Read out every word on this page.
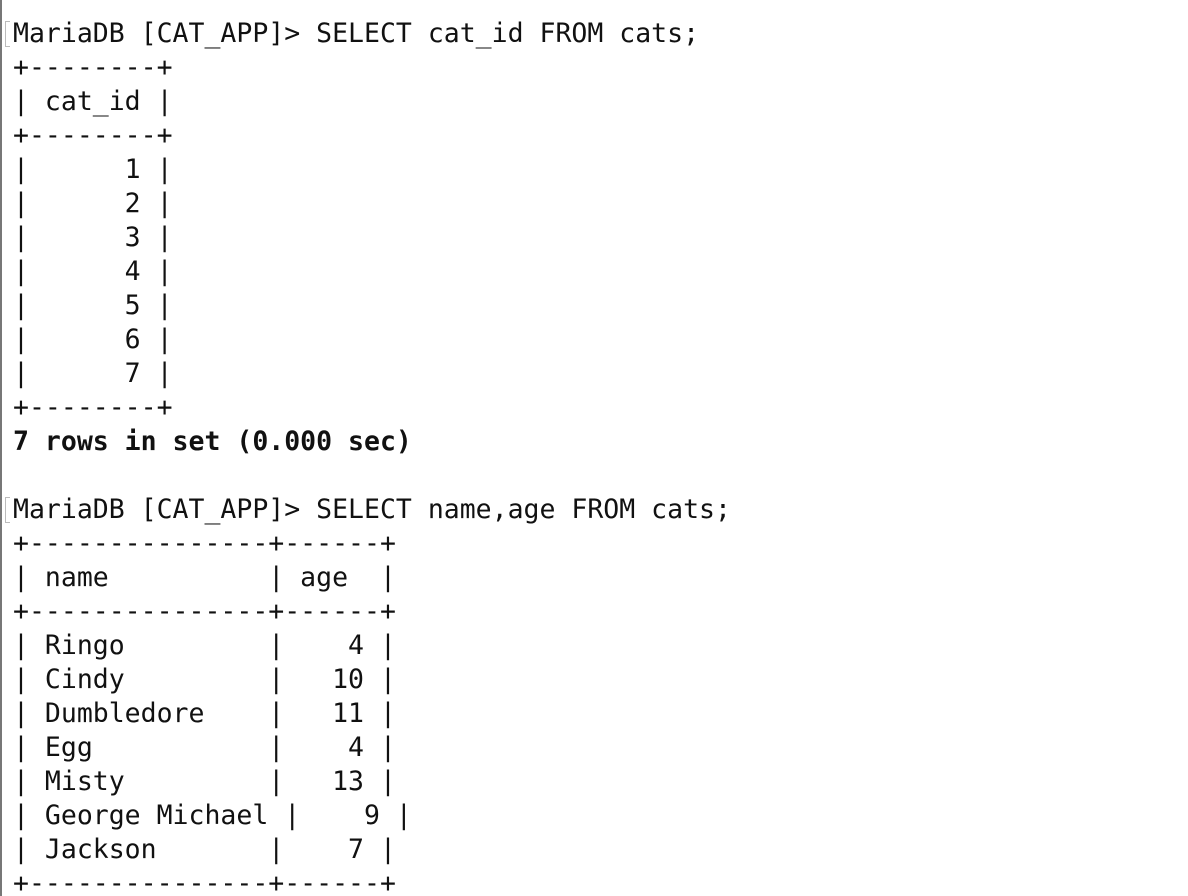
MariaDB [CAT_APP]> SELECT cat_id FROM cats;
+--------+
| cat_id |
+--------+
|      1 |
|      2 |
|      3 |
|      4 |
|      5 |
|      6 |
|      7 |
+--------+
7 rows in set (0.000 sec)
MariaDB [CAT_APP]> SELECT name,age FROM cats;
+---------------+------+
| name          | age  |
+---------------+------+
| Ringo         |    4 |
| Cindy         |   10 |
| Dumbledore    |   11 |
| Egg           |    4 |
| Misty         |   13 |
| George Michael |    9 |
| Jackson       |    7 |
+---------------+------+
